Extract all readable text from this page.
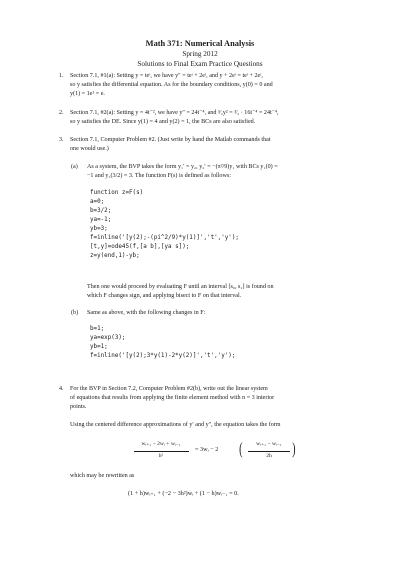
Math 371: Numerical Analysis
Spring 2012
Solutions to Final Exam Practice Questions
1. Section 7.1, #1(a): Setting y = teᵗ, we have y″ = teᵗ + 2eᵗ, and y + 2eᵗ = teᵗ + 2eᵗ,
so y satisfies the differential equation. As for the boundary conditions, y(0) = 0 and
y(1) = 1e¹ = e.
2. Section 7.1, #2(a): Setting y = 4t⁻², we have y″ = 24t⁻⁴, and ³⁄₂y² = ³⁄₂ · 16t⁻⁴ = 24t⁻⁴,
so y satisfies the DE. Since y(1) = 4 and y(2) = 1, the BCs are also satisfied.
3. Section 7.1, Computer Problem #2. (Just write by hand the Matlab commands that
one would use.)
(a) As a system, the BVP takes the form y₁′ = y₂, y₂′ = −(π²/9)y₁ with BCs y₁(0) =
−1 and y₁(3/2) = 3. The function F(s) is defined as follows:
function z=F(s)
a=0;
b=3/2;
ya=-1;
yb=3;
f=inline('[y(2);-(pi^2/9)*y(1)]','t','y');
[t,y]=ode45(f,[a b],[ya s]);
z=y(end,1)-yb;
Then one would proceed by evaluating F until an interval [s₀, s₁] is found on
which F changes sign, and applying bisect to F on that interval.
(b) Same as above, with the following changes in F:
b=1;
ya=exp(3);
yb=1;
f=inline('[y(2);3*y(1)-2*y(2)]','t','y');
4. For the BVP in Section 7.2, Computer Problem #2(b), write out the linear system
of equations that results from applying the finite element method with n = 3 interior
points.
Using the centered difference approximations of y′ and y″, the equation takes the form
wᵢ₊₁ − 2wᵢ + wᵢ₋₁
h²
= 3wᵢ − 2 (	wᵢ₊₁ − wᵢ₋₁
2h	)
which may be rewritten as
(1 + h)wᵢ₊₁ + (−2 − 3h²)wᵢ + (1 − h)wᵢ₋₁ = 0.
